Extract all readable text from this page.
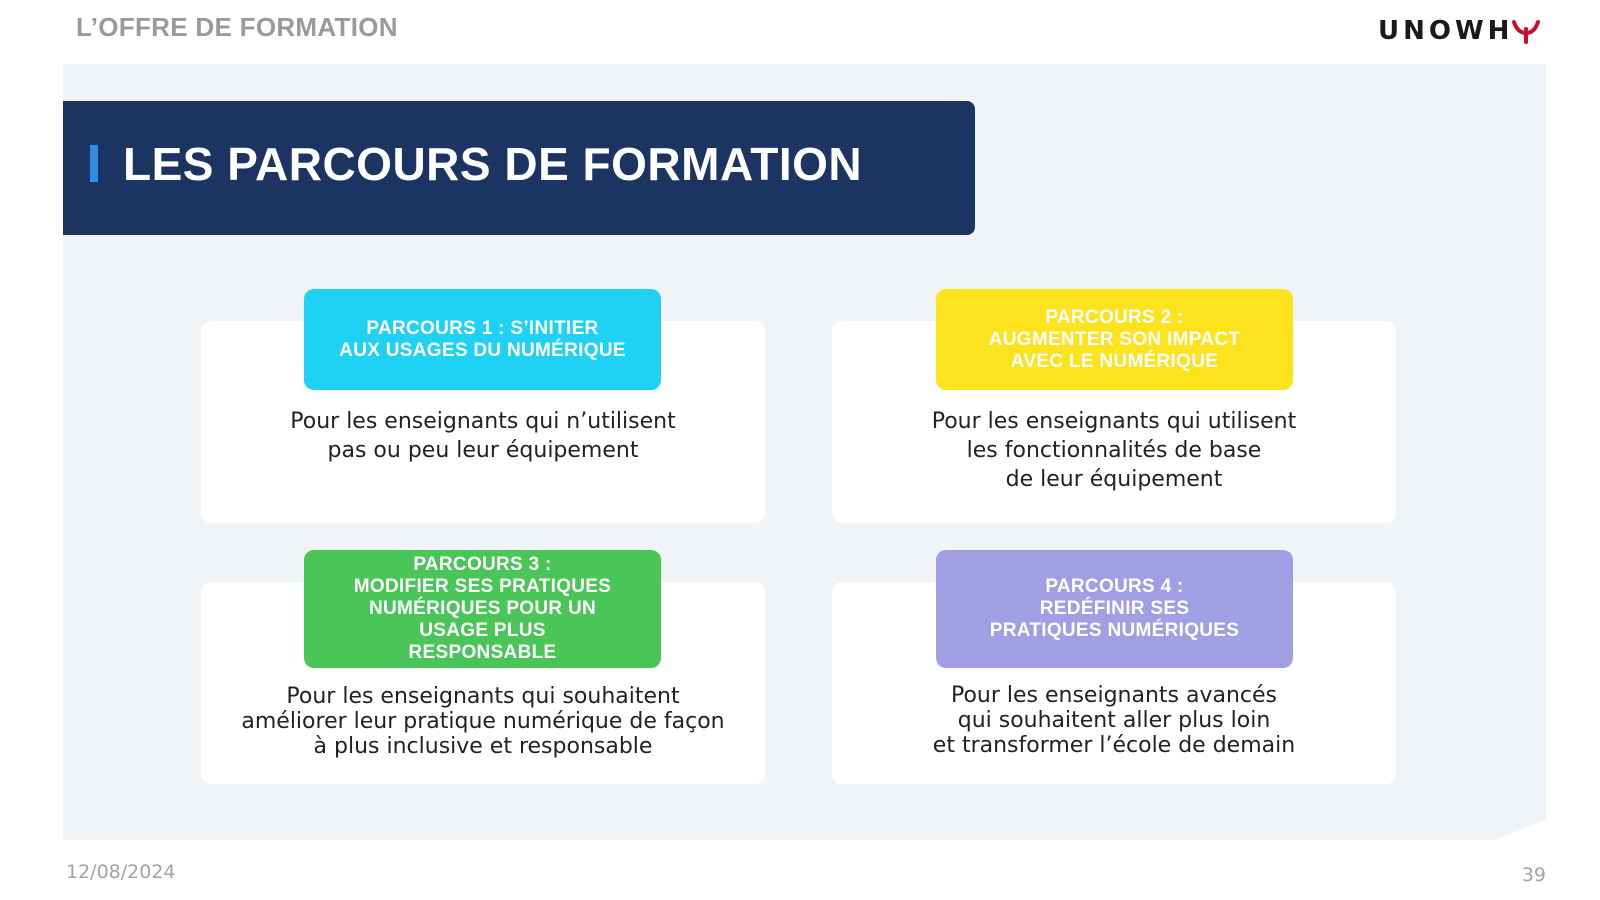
L’OFFRE DE FORMATION	UNOWH
LES PARCOURS DE FORMATION
Pour les enseignants qui n’utilisent
pas ou peu leur équipement
PARCOURS 1 : S’INITIER
AUX USAGES DU NUMÉRIQUE
Pour les enseignants qui utilisent
les fonctionnalités de base
de leur équipement
PARCOURS 2 :
AUGMENTER SON IMPACT
AVEC LE NUMÉRIQUE
Pour les enseignants qui souhaitent
améliorer leur pratique numérique de façon
à plus inclusive et responsable
PARCOURS 3 :
MODIFIER SES PRATIQUES
NUMÉRIQUES POUR UN
USAGE PLUS
RESPONSABLE
Pour les enseignants avancés
qui souhaitent aller plus loin
et transformer l’école de demain
PARCOURS 4 :
REDÉFINIR SES
PRATIQUES NUMÉRIQUES
12/08/2024	39
